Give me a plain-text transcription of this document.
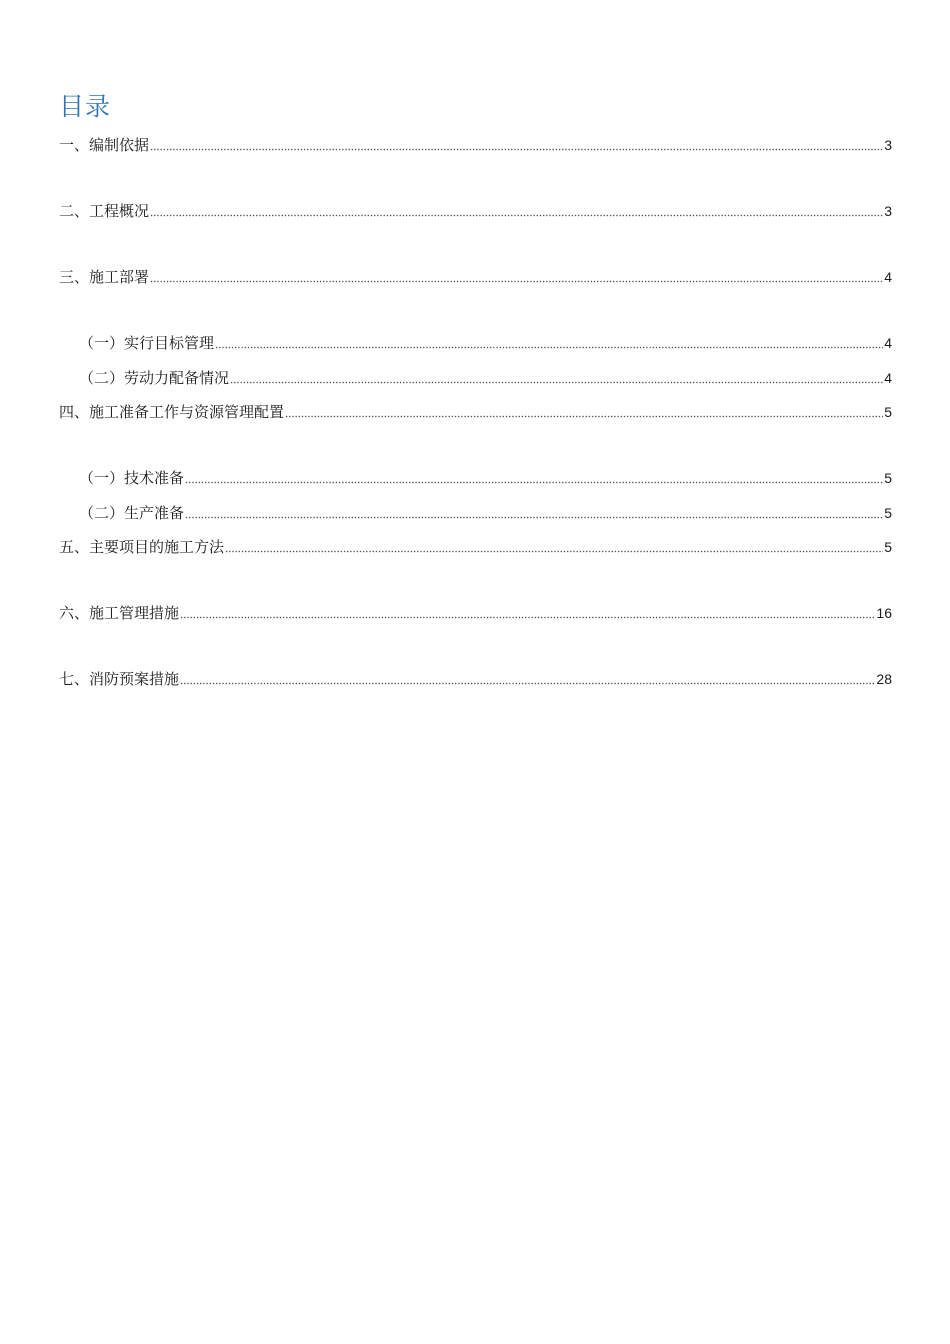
目录
一、编制依据	3
二、工程概况	3
三、施工部署	4
（一）实行目标管理	4
（二）劳动力配备情况	4
四、施工准备工作与资源管理配置	5
（一）技术准备	5
（二）生产准备	5
五、主要项目的施工方法	5
六、施工管理措施	16
七、消防预案措施	28
